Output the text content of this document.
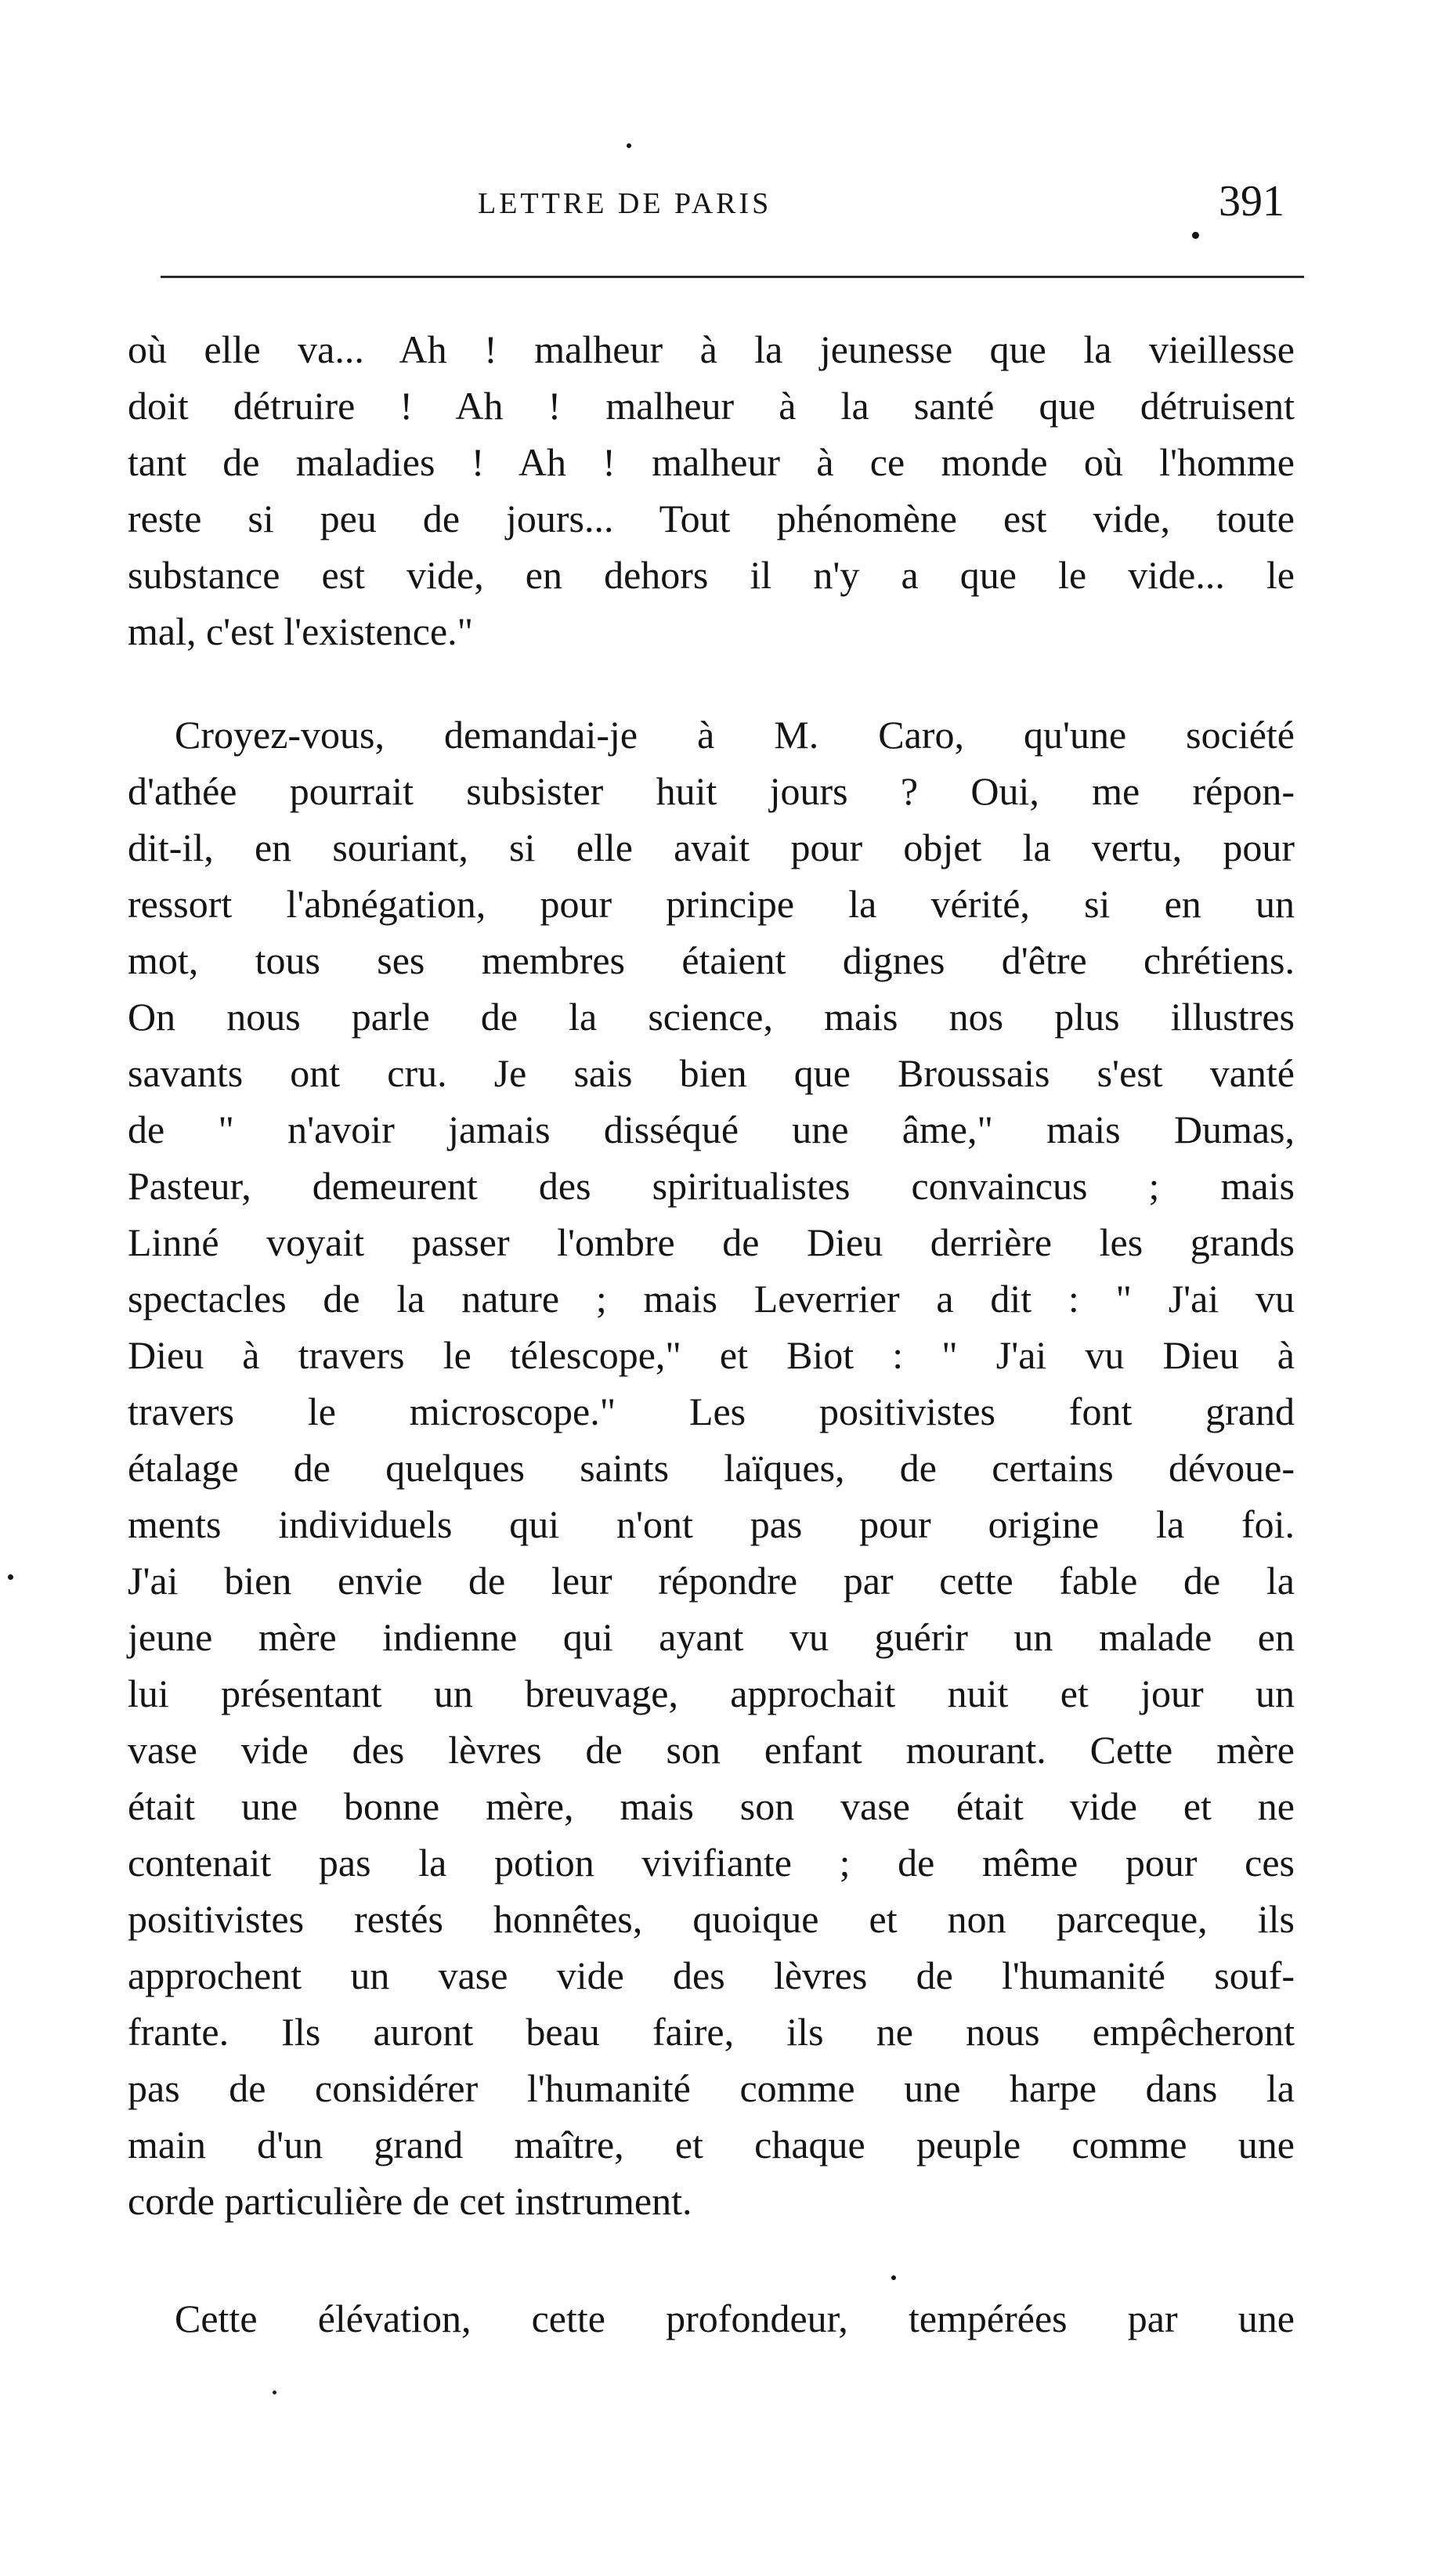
LETTRE DE PARIS	391
où elle va... Ah ! malheur à la jeunesse que la vieillesse
doit détruire ! Ah ! malheur à la santé que détruisent
tant de maladies ! Ah ! malheur à ce monde où l'homme
reste si peu de jours... Tout phénomène est vide, toute
substance est vide, en dehors il n'y a que le vide... le
mal, c'est l'existence."
Croyez-vous, demandai-je à M. Caro, qu'une société
d'athée pourrait subsister huit jours ? Oui, me répon-
dit-il, en souriant, si elle avait pour objet la vertu, pour
ressort l'abnégation, pour principe la vérité, si en un
mot, tous ses membres étaient dignes d'être chrétiens.
On nous parle de la science, mais nos plus illustres
savants ont cru. Je sais bien que Broussais s'est vanté
de " n'avoir jamais disséqué une âme," mais Dumas,
Pasteur, demeurent des spiritualistes convaincus ; mais
Linné voyait passer l'ombre de Dieu derrière les grands
spectacles de la nature ; mais Leverrier a dit : " J'ai vu
Dieu à travers le télescope," et Biot : " J'ai vu Dieu à
travers le microscope." Les positivistes font grand
étalage de quelques saints laïques, de certains dévoue-
ments individuels qui n'ont pas pour origine la foi.
J'ai bien envie de leur répondre par cette fable de la
jeune mère indienne qui ayant vu guérir un malade en
lui présentant un breuvage, approchait nuit et jour un
vase vide des lèvres de son enfant mourant. Cette mère
était une bonne mère, mais son vase était vide et ne
contenait pas la potion vivifiante ; de même pour ces
positivistes restés honnêtes, quoique et non parceque, ils
approchent un vase vide des lèvres de l'humanité souf-
frante. Ils auront beau faire, ils ne nous empêcheront
pas de considérer l'humanité comme une harpe dans la
main d'un grand maître, et chaque peuple comme une
corde particulière de cet instrument.
Cette élévation, cette profondeur, tempérées par une
